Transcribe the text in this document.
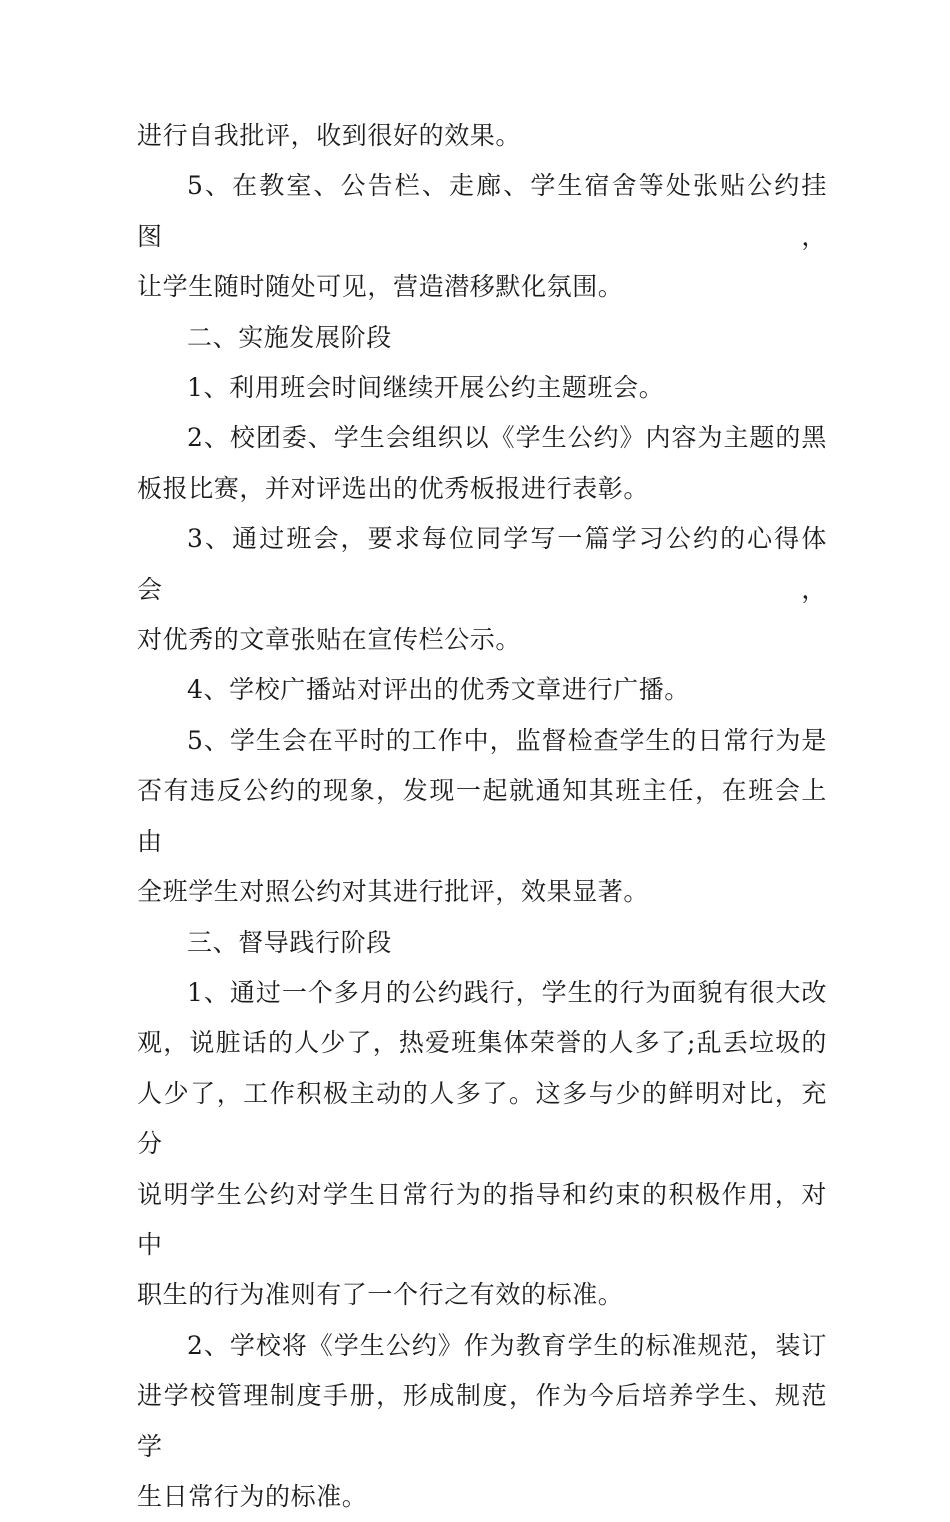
进行自我批评，收到很好的效果。

5、在教室、公告栏、走廊、学生宿舍等处张贴公约挂图，
让学生随时随处可见，营造潜移默化氛围。

二、实施发展阶段

1、利用班会时间继续开展公约主题班会。

2、校团委、学生会组织以《学生公约》内容为主题的黑
板报比赛，并对评选出的优秀板报进行表彰。

3、通过班会，要求每位同学写一篇学习公约的心得体会，
对优秀的文章张贴在宣传栏公示。

4、学校广播站对评出的优秀文章进行广播。

5、学生会在平时的工作中，监督检查学生的日常行为是
否有违反公约的现象，发现一起就通知其班主任，在班会上由
全班学生对照公约对其进行批评，效果显著。

三、督导践行阶段

1、通过一个多月的公约践行，学生的行为面貌有很大改
观，说脏话的人少了，热爱班集体荣誉的人多了;乱丢垃圾的
人少了，工作积极主动的人多了。这多与少的鲜明对比，充分
说明学生公约对学生日常行为的指导和约束的积极作用，对中
职生的行为准则有了一个行之有效的标准。

2、学校将《学生公约》作为教育学生的标准规范，装订
进学校管理制度手册，形成制度，作为今后培养学生、规范学
生日常行为的标准。
